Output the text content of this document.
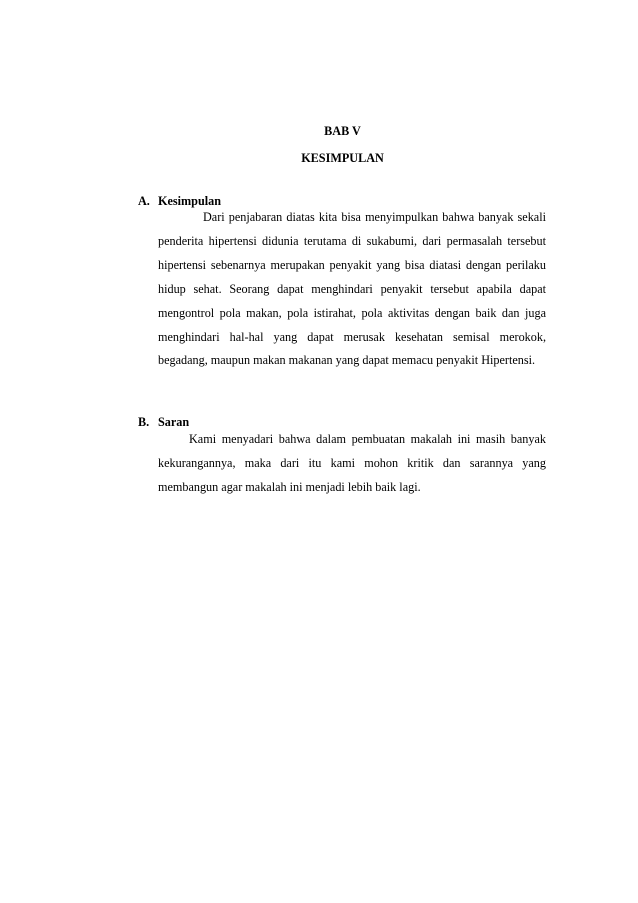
BAB V
KESIMPULAN
A. Kesimpulan
Dari penjabaran diatas kita bisa menyimpulkan bahwa banyak sekali penderita hipertensi didunia terutama di sukabumi, dari permasalah tersebut hipertensi sebenarnya merupakan penyakit yang bisa diatasi dengan perilaku hidup sehat. Seorang dapat menghindari penyakit tersebut apabila dapat mengontrol pola makan, pola istirahat, pola aktivitas dengan baik dan juga menghindari hal-hal yang dapat merusak kesehatan semisal merokok, begadang, maupun makan makanan yang dapat memacu penyakit Hipertensi.
B. Saran
Kami menyadari bahwa dalam pembuatan makalah ini masih banyak kekurangannya, maka dari itu kami mohon kritik dan sarannya yang membangun agar makalah ini menjadi lebih baik lagi.
